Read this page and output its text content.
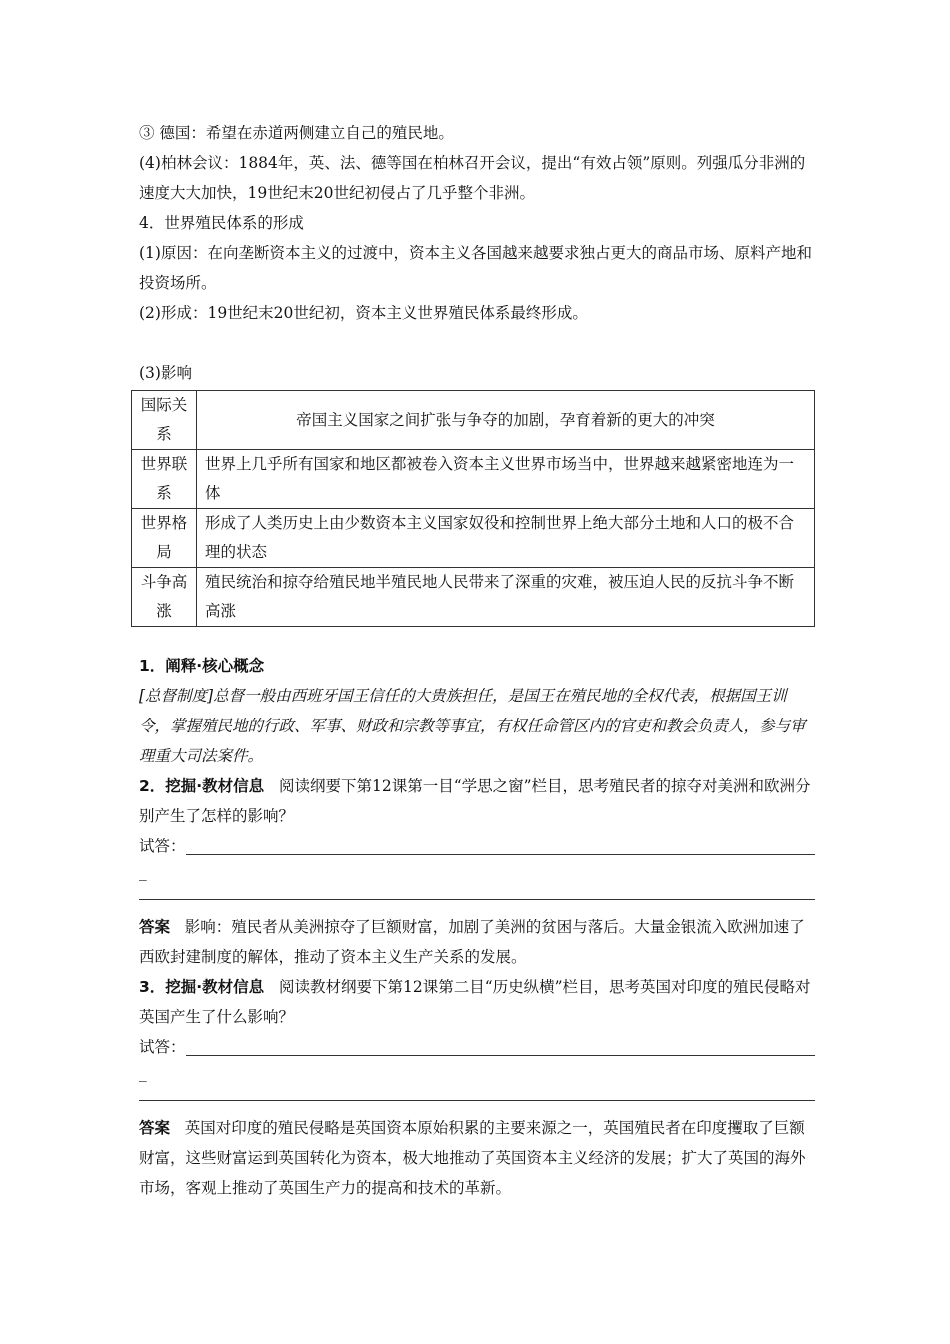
③ 德国：希望在赤道两侧建立自己的殖民地。

(4)柏林会议：1884年，英、法、德等国在柏林召开会议，提出“有效占领”原则。列强瓜分非洲的速度大大加快，19世纪末20世纪初侵占了几乎整个非洲。

4．世界殖民体系的形成

(1)原因：在向垄断资本主义的过渡中，资本主义各国越来越要求独占更大的商品市场、原料产地和投资场所。

(2)形成：19世纪末20世纪初，资本主义世界殖民体系最终形成。

(3)影响

国际关系	帝国主义国家之间扩张与争夺的加剧，孕育着新的更大的冲突
世界联系	世界上几乎所有国家和地区都被卷入资本主义世界市场当中，世界越来越紧密地连为一体
世界格局	形成了人类历史上由少数资本主义国家奴役和控制世界上绝大部分土地和人口的极不合理的状态
斗争高涨	殖民统治和掠夺给殖民地半殖民地人民带来了深重的灾难，被压迫人民的反抗斗争不断高涨

1．阐释·核心概念

[总督制度]总督一般由西班牙国王信任的大贵族担任，是国王在殖民地的全权代表，根据国王训令，掌握殖民地的行政、军事、财政和宗教等事宜，有权任命管区内的官吏和教会负责人，参与审理重大司法案件。

2．挖掘·教材信息 阅读纲要下第12课第一目“学思之窗”栏目，思考殖民者的掠夺对美洲和欧洲分别产生了怎样的影响？

试答：
_

答案 影响：殖民者从美洲掠夺了巨额财富，加剧了美洲的贫困与落后。大量金银流入欧洲加速了西欧封建制度的解体，推动了资本主义生产关系的发展。

3．挖掘·教材信息 阅读教材纲要下第12课第二目“历史纵横”栏目，思考英国对印度的殖民侵略对英国产生了什么影响？

试答：
_

答案 英国对印度的殖民侵略是英国资本原始积累的主要来源之一，英国殖民者在印度攫取了巨额财富，这些财富运到英国转化为资本，极大地推动了英国资本主义经济的发展；扩大了英国的海外市场，客观上推动了英国生产力的提高和技术的革新。
